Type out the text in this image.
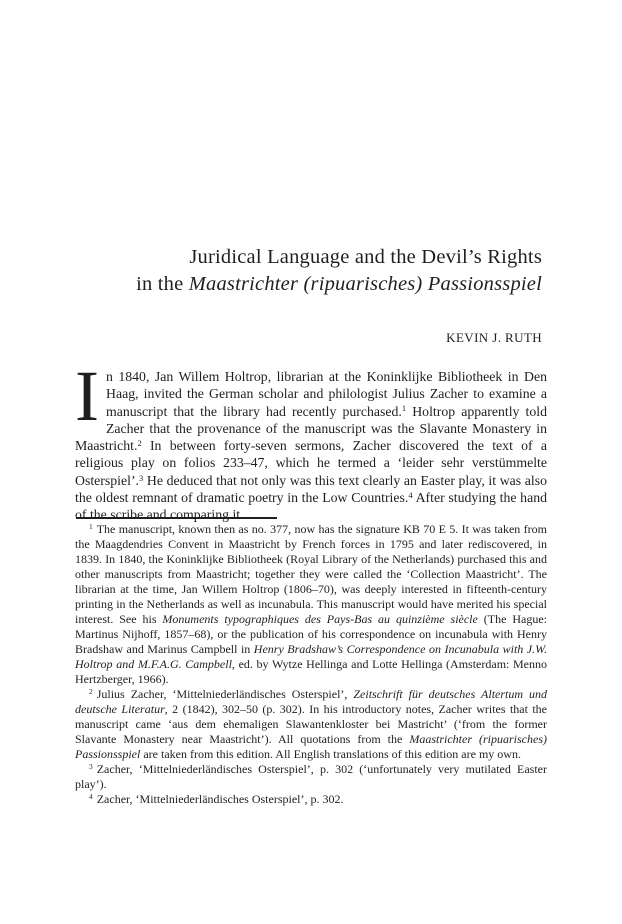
Juridical Language and the Devil’s Rights
in the Maastrichter (ripuarisches) Passionsspiel
KEVIN J. RUTH
In 1840, Jan Willem Holtrop, librarian at the Koninklijke Bibliotheek in Den Haag, invited the German scholar and philologist Julius Zacher to examine a manuscript that the library had recently purchased.$^1$ Holtrop apparently told Zacher that the provenance of the manuscript was the Slavante Monastery in Maastricht.$^2$ In between forty-seven sermons, Zacher discovered the text of a religious play on folios 233–47, which he termed a ‘leider sehr verstümmelte Osterspiel’.$^3$ He deduced that not only was this text clearly an Easter play, it was also the oldest remnant of dramatic poetry in the Low Countries.$^4$ After studying the hand of the scribe and comparing it

$^1$ The manuscript, known then as no. 377, now has the signature KB 70 E 5. It was taken from the Maagdendries Convent in Maastricht by French forces in 1795 and later rediscovered, in 1839. In 1840, the Koninklijke Bibliotheek (Royal Library of the Netherlands) purchased this and other manuscripts from Maastricht; together they were called the ‘Collection Maastricht’. The librarian at the time, Jan Willem Holtrop (1806–70), was deeply interested in fifteenth-century printing in the Netherlands as well as incunabula. This manuscript would have merited his special interest. See his Monuments typographiques des Pays-Bas au quinzième siècle (The Hague: Martinus Nijhoff, 1857–68), or the publication of his correspondence on incunabula with Henry Bradshaw and Marinus Campbell in Henry Bradshaw’s Correspondence on Incunabula with J.W. Holtrop and M.F.A.G. Campbell, ed. by Wytze Hellinga and Lotte Hellinga (Amsterdam: Menno Hertzberger, 1966).

$^2$ Julius Zacher, ‘Mittelniederländisches Osterspiel’, Zeitschrift für deutsches Altertum und deutsche Literatur, 2 (1842), 302–50 (p. 302). In his introductory notes, Zacher writes that the manuscript came ‘aus dem ehemaligen Slawantenkloster bei Mastricht’ (‘from the former Slavante Monastery near Maastricht’). All quotations from the Maastrichter (ripuarisches) Passionsspiel are taken from this edition. All English translations of this edition are my own.

$^3$ Zacher, ‘Mittelniederländisches Osterspiel’, p. 302 (‘unfortunately very mutilated Easter play’).

$^4$ Zacher, ‘Mittelniederländisches Osterspiel’, p. 302.
